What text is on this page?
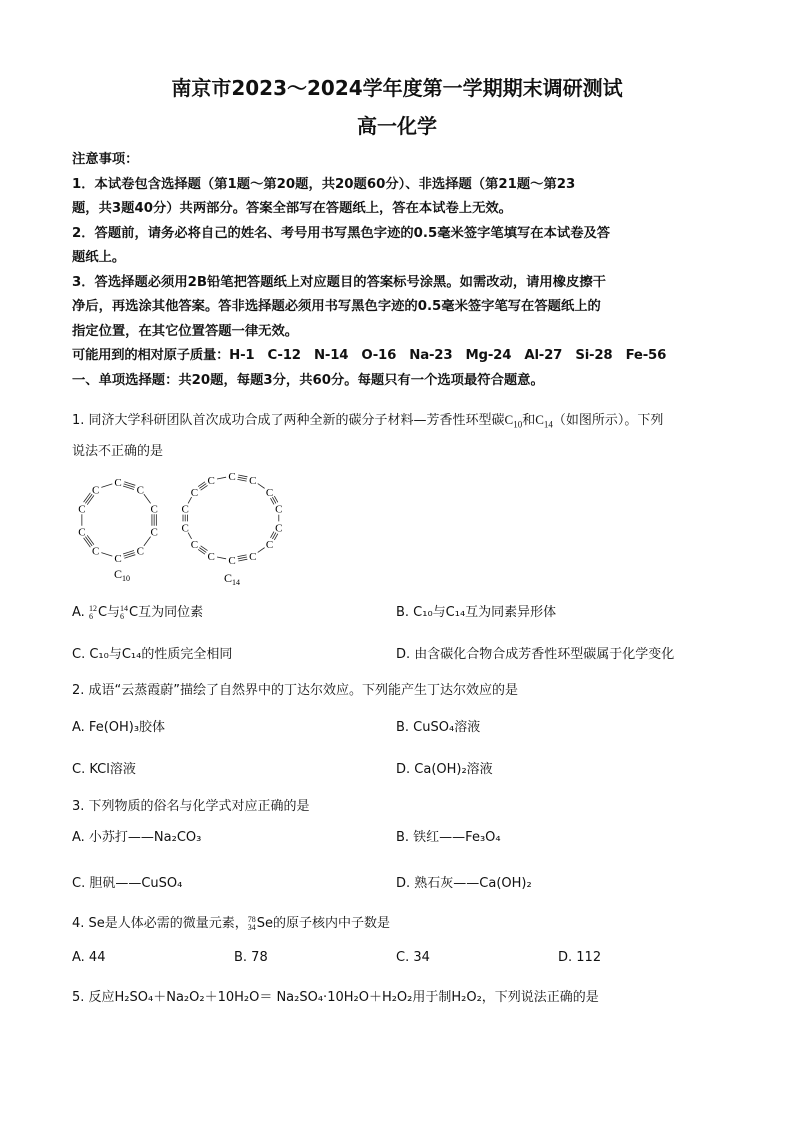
南京市2023～2024学年度第一学期期末调研测试
高一化学
注意事项：
1．本试卷包含选择题（第1题～第20题，共20题60分）、非选择题（第21题～第23
题，共3题40分）共两部分。答案全部写在答题纸上，答在本试卷上无效。
2．答题前，请务必将自己的姓名、考号用书写黑色字迹的0.5毫米签字笔填写在本试卷及答
题纸上。
3．答选择题必须用2B铅笔把答题纸上对应题目的答案标号涂黑。如需改动，请用橡皮擦干
净后，再选涂其他答案。答非选择题必须用书写黑色字迹的0.5毫米签字笔写在答题纸上的
指定位置，在其它位置答题一律无效。
可能用到的相对原子质量：H-1　C-12　N-14　O-16　Na-23　Mg-24　Al-27　Si-28　Fe-56
一、单项选择题：共20题，每题3分，共60分。每题只有一个选项最符合题意。
1. 同济大学科研团队首次成功合成了两种全新的碳分子材料—芳香性环型碳$C_{10}$和$C_{14}$（如图所示）。下列
说法不正确的是
C
C
C
C
C
C
C
C
C
C
C C
C
C
C
C
C
C
C
C
C
C
C
C
$C_{10}$	$C_{14}$
A. 12
6 C与 14
6 C互为同位素	B. C₁₀与C₁₄互为同素异形体
C. C₁₀与C₁₄的性质完全相同	D. 由含碳化合物合成芳香性环型碳属于化学变化
2. 成语“云蒸霞蔚”描绘了自然界中的丁达尔效应。下列能产生丁达尔效应的是
A. Fe(OH)₃胶体	B. CuSO₄溶液
C. KCl溶液	D. Ca(OH)₂溶液
3. 下列物质的俗名与化学式对应正确的是
A. 小苏打——Na₂CO₃	B. 铁红——Fe₃O₄
C. 胆矾——CuSO₄	D. 熟石灰——Ca(OH)₂
4. Se是人体必需的微量元素， 78
34 Se的原子核内中子数是
A. 44	B. 78	C. 34	D. 112
5. 反应H₂SO₄＋Na₂O₂＋10H₂O＝ Na₂SO₄·10H₂O＋H₂O₂用于制H₂O₂，下列说法正确的是
